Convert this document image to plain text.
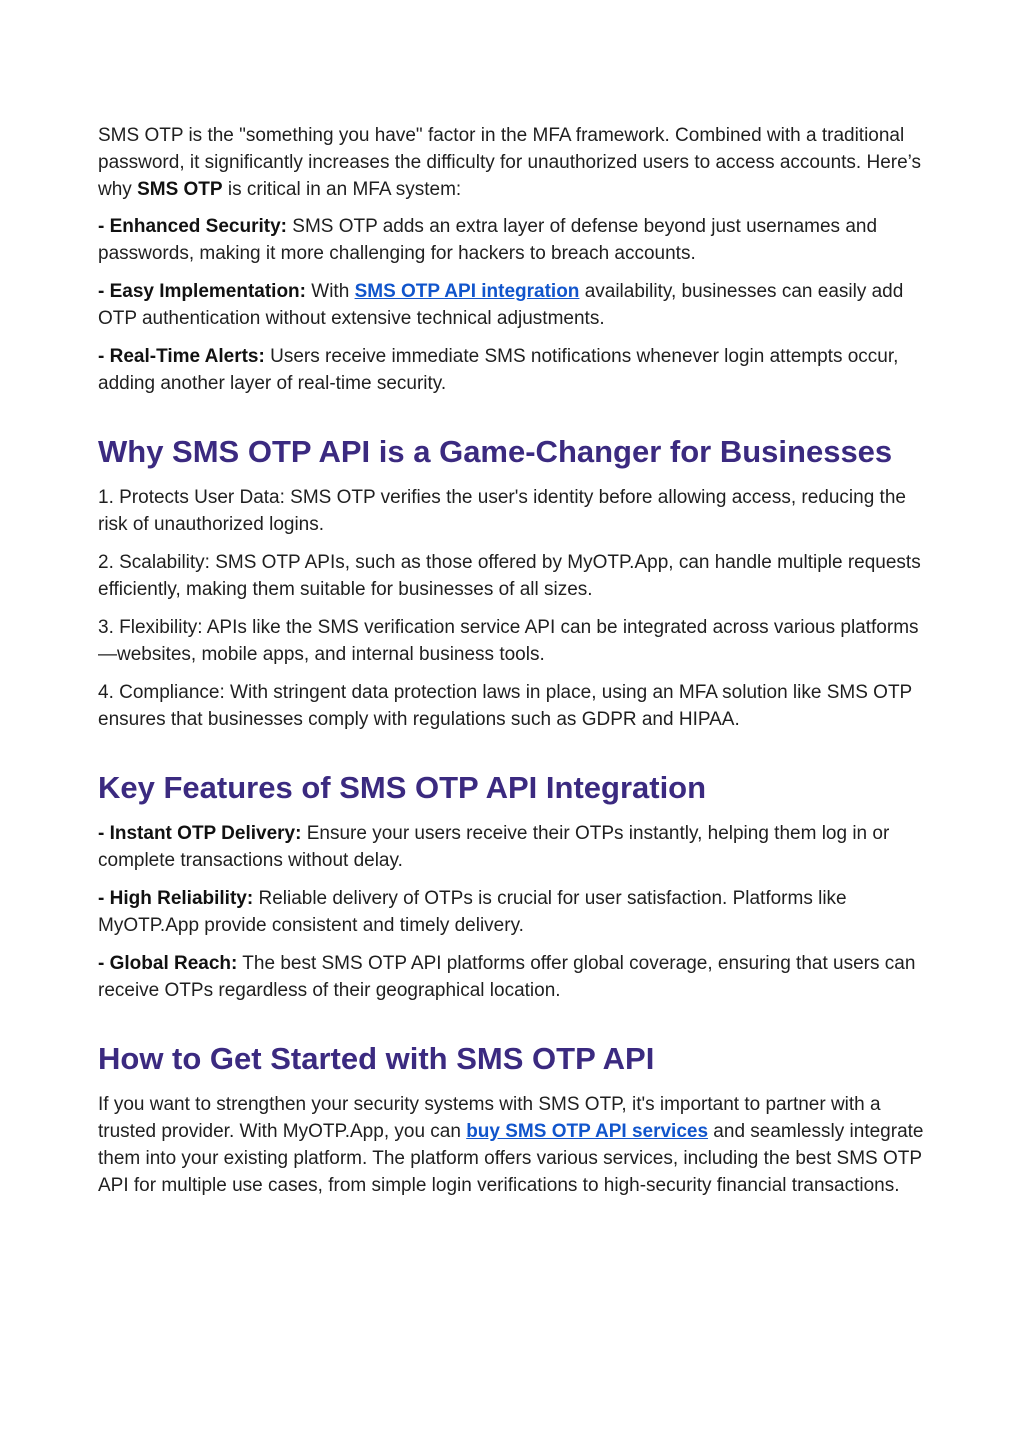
SMS OTP is the "something you have" factor in the MFA framework. Combined with a traditional password, it significantly increases the difficulty for unauthorized users to access accounts. Here’s why SMS OTP is critical in an MFA system:

- Enhanced Security: SMS OTP adds an extra layer of defense beyond just usernames and passwords, making it more challenging for hackers to breach accounts.

- Easy Implementation: With SMS OTP API integration availability, businesses can easily add OTP authentication without extensive technical adjustments.

- Real-Time Alerts: Users receive immediate SMS notifications whenever login attempts occur, adding another layer of real-time security.

Why SMS OTP API is a Game-Changer for Businesses

1. Protects User Data: SMS OTP verifies the user's identity before allowing access, reducing the risk of unauthorized logins.

2. Scalability: SMS OTP APIs, such as those offered by MyOTP.App, can handle multiple requests efficiently, making them suitable for businesses of all sizes.

3. Flexibility: APIs like the SMS verification service API can be integrated across various platforms—websites, mobile apps, and internal business tools.

4. Compliance: With stringent data protection laws in place, using an MFA solution like SMS OTP ensures that businesses comply with regulations such as GDPR and HIPAA.

Key Features of SMS OTP API Integration

- Instant OTP Delivery: Ensure your users receive their OTPs instantly, helping them log in or complete transactions without delay.

- High Reliability: Reliable delivery of OTPs is crucial for user satisfaction. Platforms like MyOTP.App provide consistent and timely delivery.

- Global Reach: The best SMS OTP API platforms offer global coverage, ensuring that users can receive OTPs regardless of their geographical location.

How to Get Started with SMS OTP API

If you want to strengthen your security systems with SMS OTP, it's important to partner with a trusted provider. With MyOTP.App, you can buy SMS OTP API services and seamlessly integrate them into your existing platform. The platform offers various services, including the best SMS OTP API for multiple use cases, from simple login verifications to high-security financial transactions.
